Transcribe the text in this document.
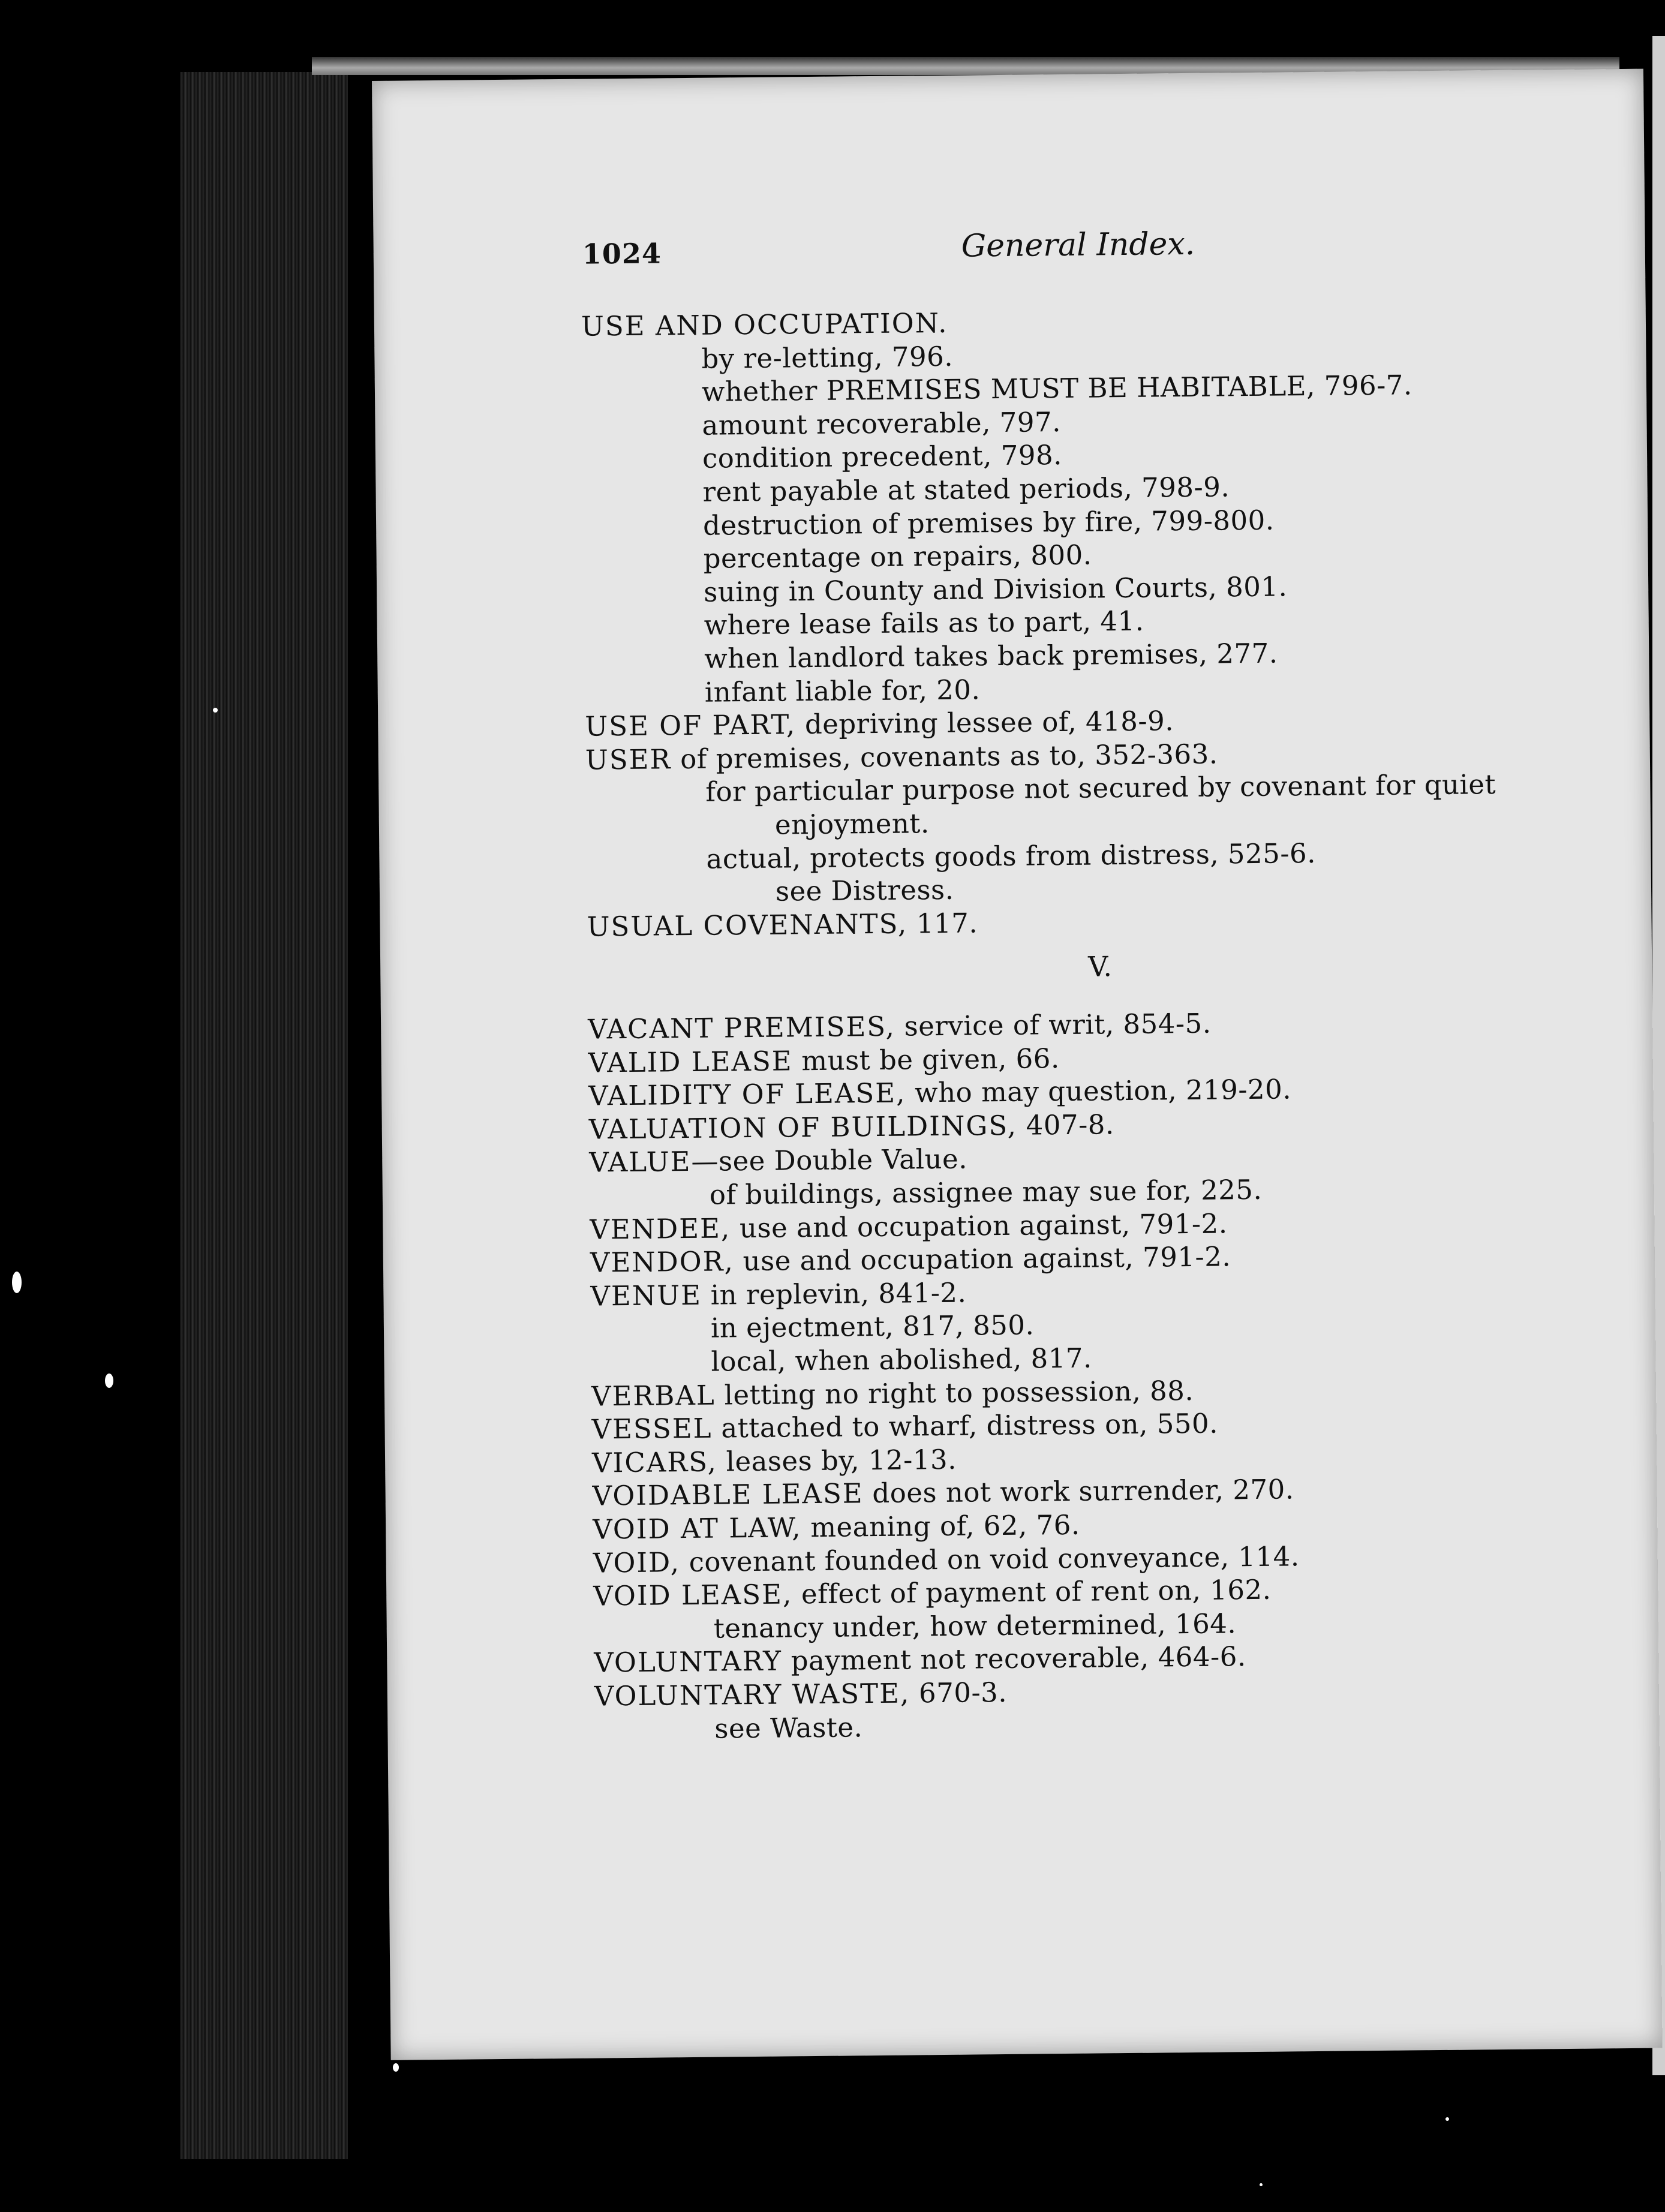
1024	General Index.
USE AND OCCUPATION.
by re-letting, 796.
whether PREMISES MUST BE HABITABLE, 796-7.
amount recoverable, 797.
condition precedent, 798.
rent payable at stated periods, 798-9.
destruction of premises by fire, 799-800.
percentage on repairs, 800.
suing in County and Division Courts, 801.
where lease fails as to part, 41.
when landlord takes back premises, 277.
infant liable for, 20.
USE OF PART, depriving lessee of, 418-9.
USER of premises, covenants as to, 352-363.
for particular purpose not secured by covenant for quiet
enjoyment.
actual, protects goods from distress, 525-6.
see Distress.
USUAL COVENANTS, 117.
V.
VACANT PREMISES, service of writ, 854-5.
VALID LEASE must be given, 66.
VALIDITY OF LEASE, who may question, 219-20.
VALUATION OF BUILDINGS, 407-8.
VALUE—see Double Value.
of buildings, assignee may sue for, 225.
VENDEE, use and occupation against, 791-2.
VENDOR, use and occupation against, 791-2.
VENUE in replevin, 841-2.
in ejectment, 817, 850.
local, when abolished, 817.
VERBAL letting no right to possession, 88.
VESSEL attached to wharf, distress on, 550.
VICARS, leases by, 12-13.
VOIDABLE LEASE does not work surrender, 270.
VOID AT LAW, meaning of, 62, 76.
VOID, covenant founded on void conveyance, 114.
VOID LEASE, effect of payment of rent on, 162.
tenancy under, how determined, 164.
VOLUNTARY payment not recoverable, 464-6.
VOLUNTARY WASTE, 670-3.
see Waste.
